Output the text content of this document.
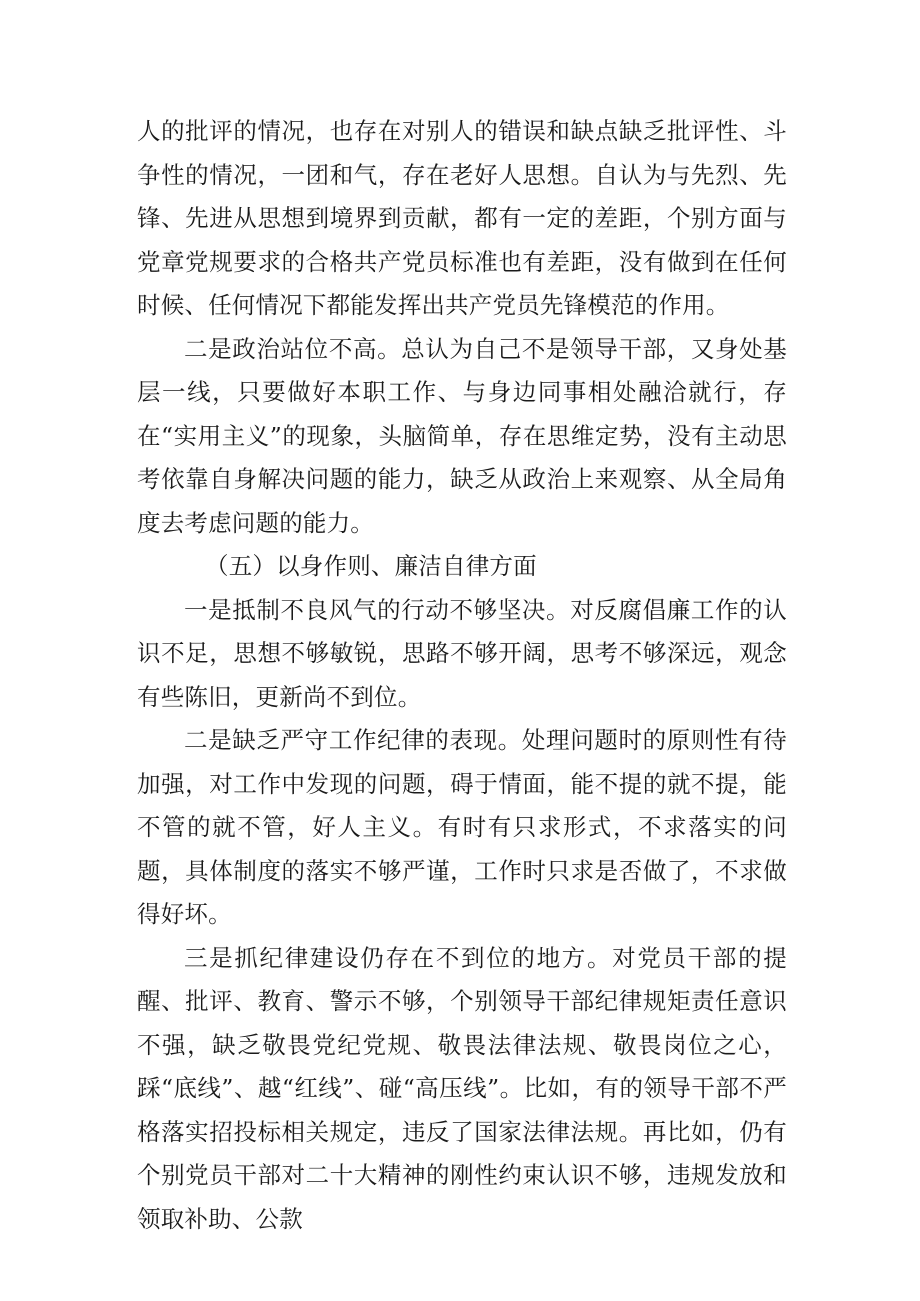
人的批评的情况，也存在对别人的错误和缺点缺乏批评性、斗争性的情况，一团和气，存在老好人思想。自认为与先烈、先锋、先进从思想到境界到贡献，都有一定的差距，个别方面与党章党规要求的合格共产党员标准也有差距，没有做到在任何时候、任何情况下都能发挥出共产党员先锋模范的作用。

二是政治站位不高。总认为自己不是领导干部，又身处基层一线，只要做好本职工作、与身边同事相处融洽就行，存在“实用主义”的现象，头脑简单，存在思维定势，没有主动思考依靠自身解决问题的能力，缺乏从政治上来观察、从全局角度去考虑问题的能力。

（五）以身作则、廉洁自律方面

一是抵制不良风气的行动不够坚决。对反腐倡廉工作的认识不足，思想不够敏锐，思路不够开阔，思考不够深远，观念有些陈旧，更新尚不到位。

二是缺乏严守工作纪律的表现。处理问题时的原则性有待加强，对工作中发现的问题，碍于情面，能不提的就不提，能不管的就不管，好人主义。有时有只求形式，不求落实的问题，具体制度的落实不够严谨，工作时只求是否做了，不求做得好坏。

三是抓纪律建设仍存在不到位的地方。对党员干部的提醒、批评、教育、警示不够，个别领导干部纪律规矩责任意识不强，缺乏敬畏党纪党规、敬畏法律法规、敬畏岗位之心，踩“底线”、越“红线”、碰“高压线”。比如，有的领导干部不严格落实招投标相关规定，违反了国家法律法规。再比如，仍有个别党员干部对二十大精神的刚性约束认识不够，违规发放和领取补助、公款
